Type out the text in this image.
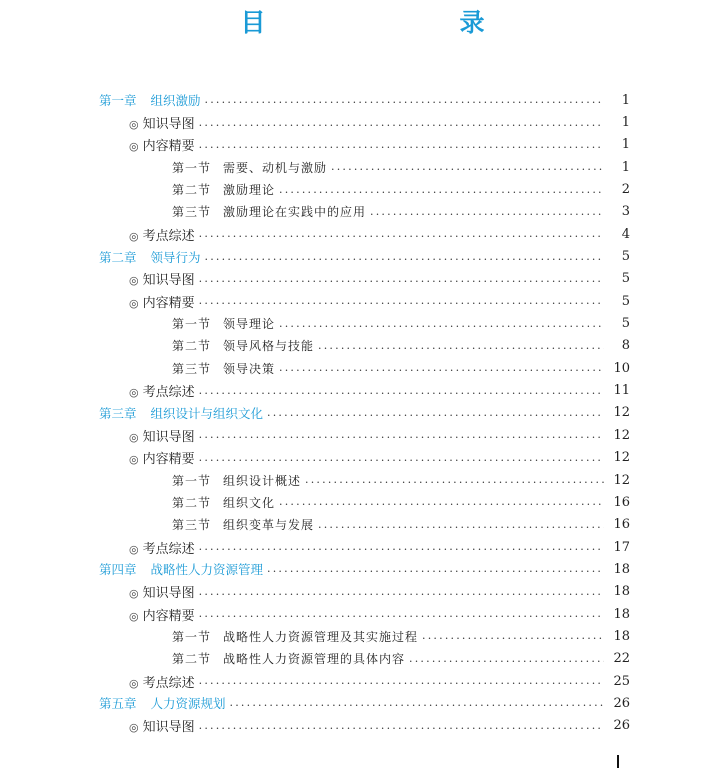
目　　录
第一章 组织激励 .....	1
◎ 知识导图 .....	1
◎ 内容精要 .....	1
第一节 需要、动机与激励 .....	1
第二节 激励理论 .....	2
第三节 激励理论在实践中的应用 .....	3
◎ 考点综述 .....	4
第二章 领导行为 .....	5
◎ 知识导图 .....	5
◎ 内容精要 .....	5
第一节 领导理论 .....	5
第二节 领导风格与技能 .....	8
第三节 领导决策 .....	10
◎ 考点综述 .....	11
第三章 组织设计与组织文化 .....	12
◎ 知识导图 .....	12
◎ 内容精要 .....	12
第一节 组织设计概述 .....	12
第二节 组织文化 .....	16
第三节 组织变革与发展 .....	16
◎ 考点综述 .....	17
第四章 战略性人力资源管理 .....	18
◎ 知识导图 .....	18
◎ 内容精要 .....	18
第一节 战略性人力资源管理及其实施过程 .....	18
第二节 战略性人力资源管理的具体内容 .....	22
◎ 考点综述 .....	25
第五章 人力资源规划 .....	26
◎ 知识导图 .....	26
